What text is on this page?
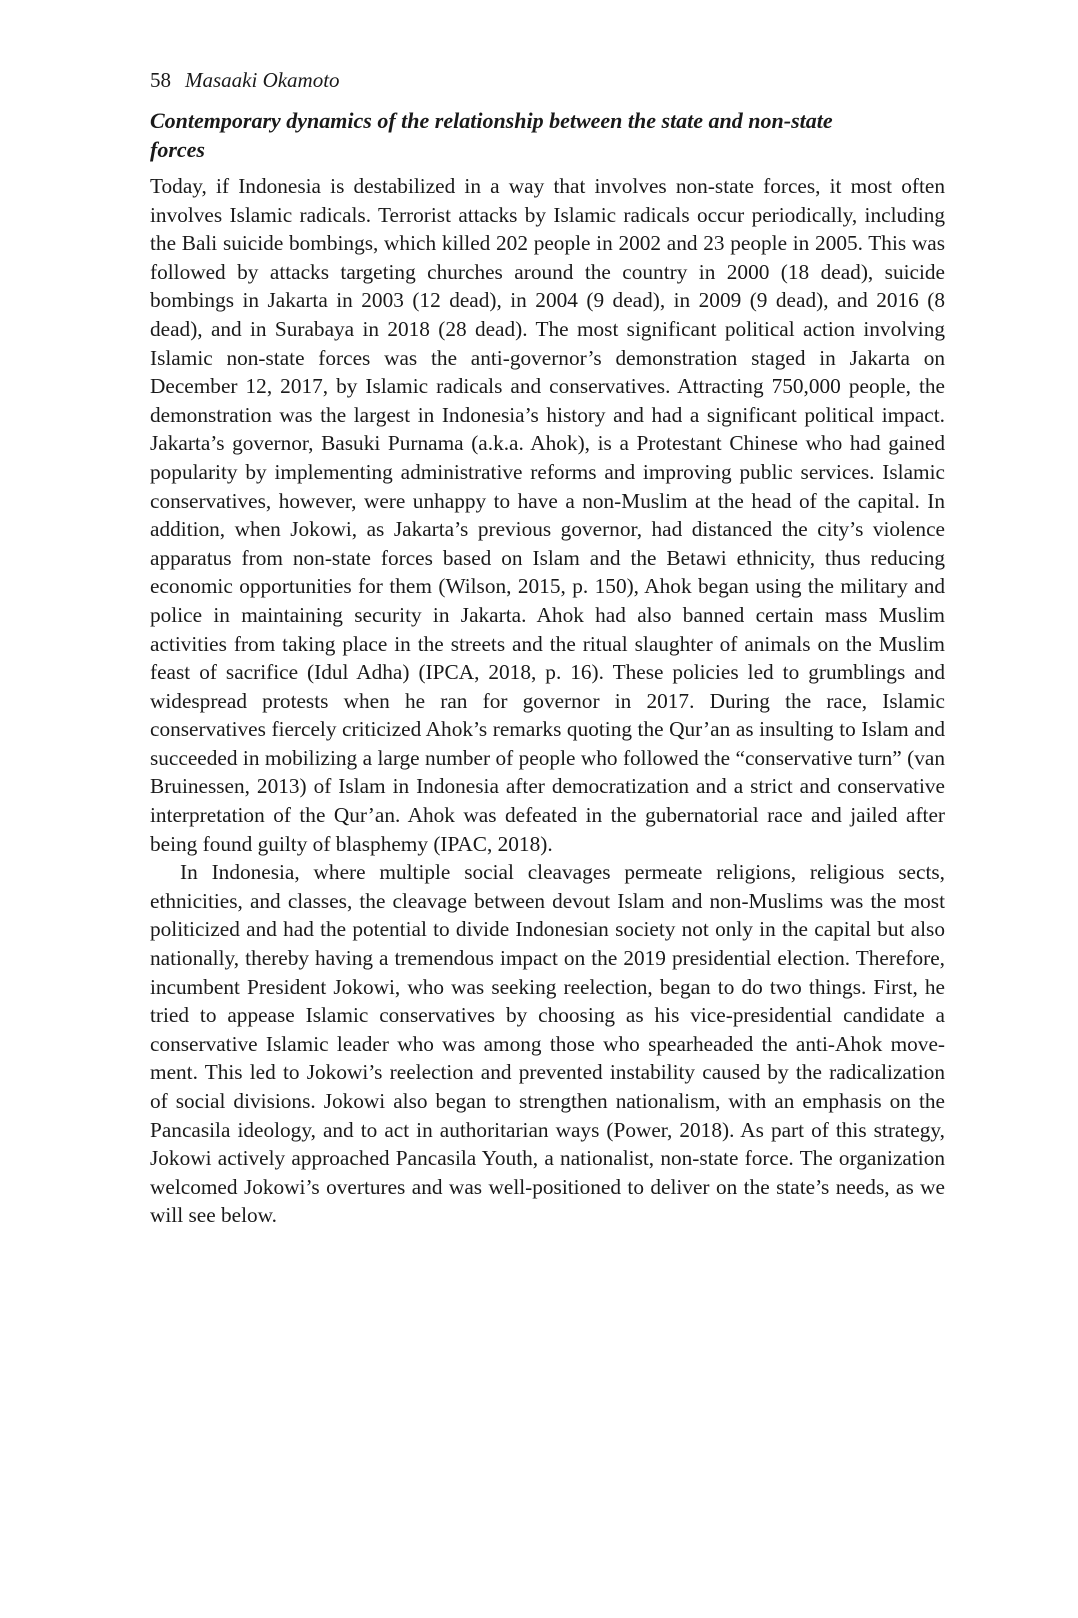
58 Masaaki Okamoto
Contemporary dynamics of the relationship between the state and non-state forces

Today, if Indonesia is destabilized in a way that involves non-state forces, it most often involves Islamic radicals. Terrorist attacks by Islamic radicals occur periodically, including the Bali suicide bombings, which killed 202 people in 2002 and 23 people in 2005. This was followed by attacks targeting churches around the country in 2000 (18 dead), suicide bombings in Jakarta in 2003 (12 dead), in 2004 (9 dead), in 2009 (9 dead), and 2016 (8 dead), and in Surabaya in 2018 (28 dead). The most significant political action involving Islamic non-state forces was the anti-governor’s demonstration staged in Jakarta on December 12, 2017, by Islamic radicals and conservatives. Attracting 750,000 people, the demonstration was the largest in Indonesia’s history and had a significant political impact. Jakarta’s governor, Basuki Purnama (a.k.a. Ahok), is a Protestant Chinese who had gained popularity by implementing administrative reforms and improving public services. Islamic conservatives, however, were unhappy to have a non-Muslim at the head of the capital. In addition, when Jokowi, as Jakarta’s previous governor, had distanced the city’s violence apparatus from non-state forces based on Islam and the Betawi ethnicity, thus reducing economic opportunities for them (Wilson, 2015, p. 150), Ahok began using the military and police in maintaining security in Jakarta. Ahok had also banned certain mass Muslim activities from taking place in the streets and the ritual slaughter of animals on the Muslim feast of sacrifice (Idul Adha) (IPCA, 2018, p. 16). These policies led to grumblings and widespread protests when he ran for governor in 2017. During the race, Islamic conservatives fiercely criticized Ahok’s remarks quoting the Qur’an as insulting to Islam and succeeded in mobilizing a large number of people who followed the “conservative turn” (van Bruinessen, 2013) of Islam in Indonesia after democratization and a strict and conservative interpretation of the Qur’an. Ahok was defeated in the gubernatorial race and jailed after being found guilty of blasphemy (IPAC, 2018).

In Indonesia, where multiple social cleavages permeate religions, religious sects, ethnicities, and classes, the cleavage between devout Islam and non-Muslims was the most politicized and had the potential to divide Indonesian society not only in the capital but also nationally, thereby having a tremendous impact on the 2019 presidential election. Therefore, incumbent President Jokowi, who was seeking reelection, began to do two things. First, he tried to appease Islamic conservatives by choosing as his vice-presidential candidate a conservative Islamic leader who was among those who spearheaded the anti-Ahok movement. This led to Jokowi’s reelection and prevented instability caused by the radicalization of social divisions. Jokowi also began to strengthen nationalism, with an emphasis on the Pancasila ideology, and to act in authoritarian ways (Power, 2018). As part of this strategy, Jokowi actively approached Pancasila Youth, a nationalist, non-state force. The organization welcomed Jokowi’s overtures and was well-positioned to deliver on the state’s needs, as we will see below.
